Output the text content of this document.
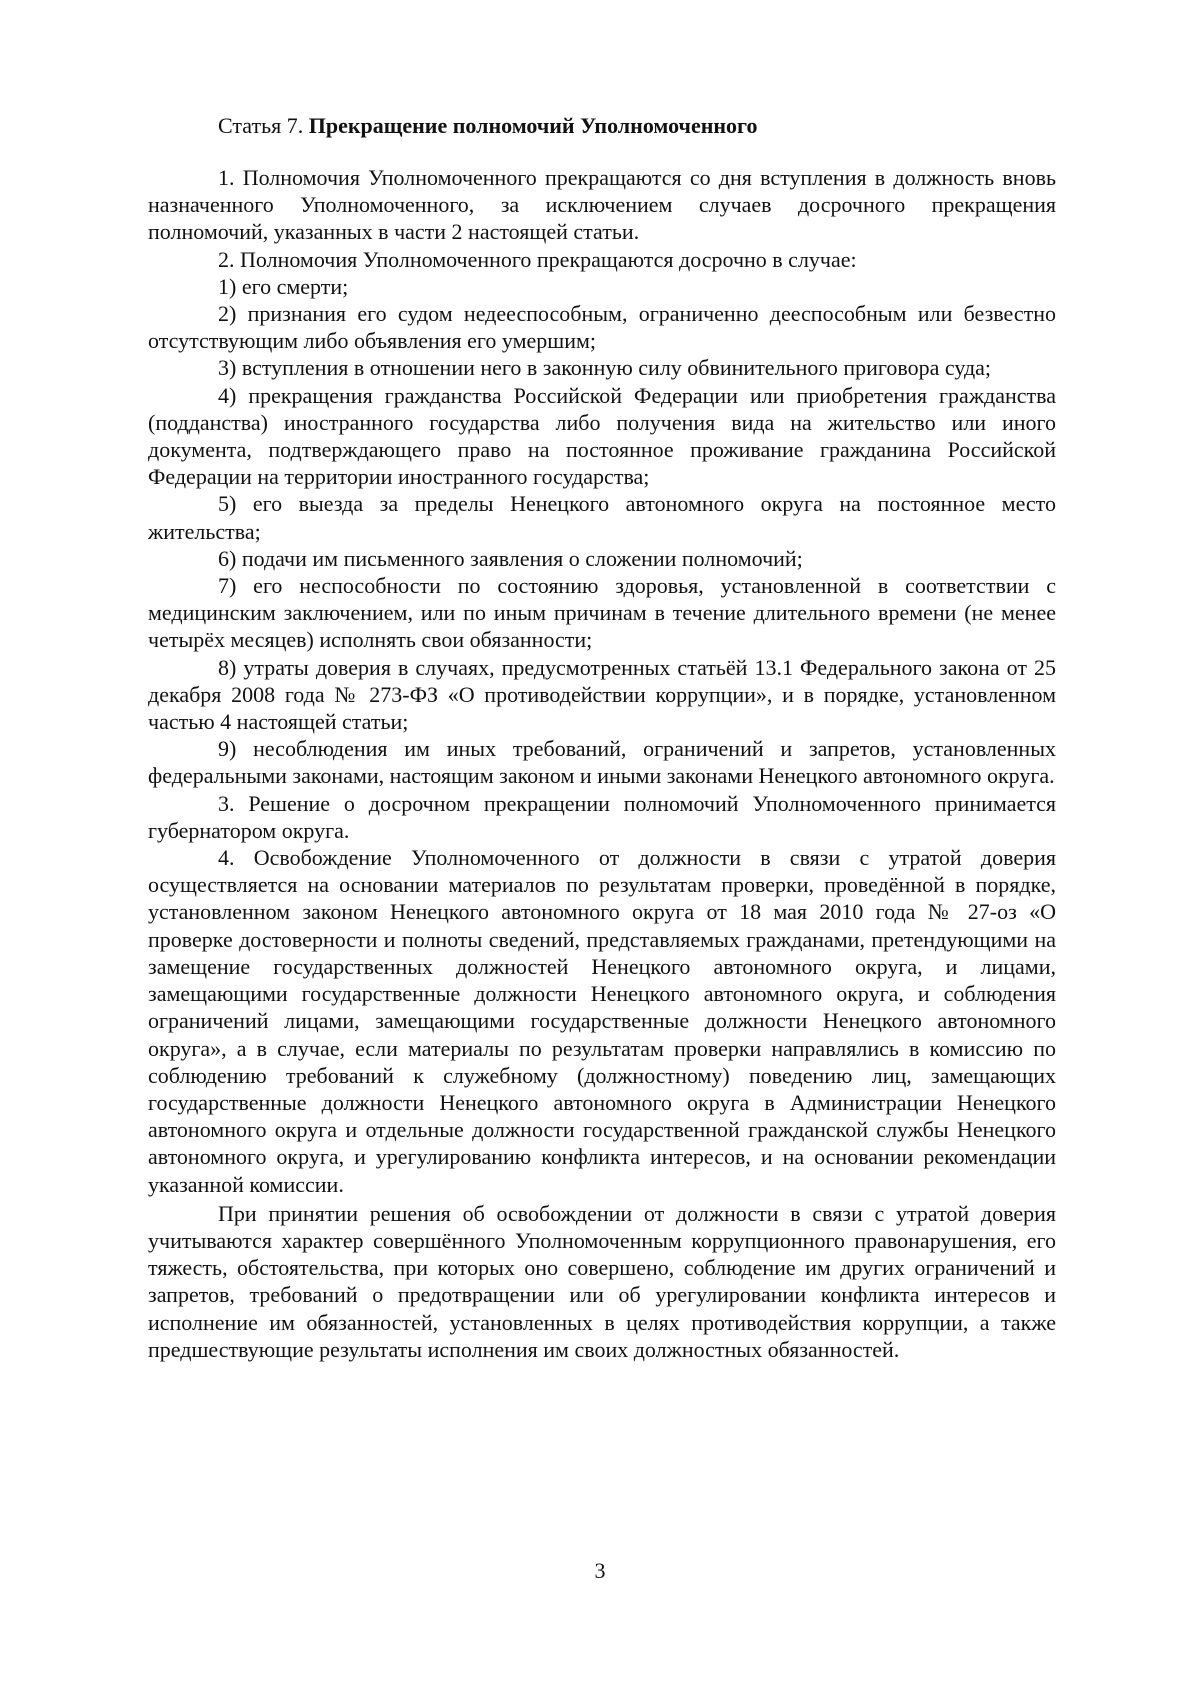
Статья 7. Прекращение полномочий Уполномоченного

1. Полномочия Уполномоченного прекращаются со дня вступления в должность вновь назначенного Уполномоченного, за исключением случаев досрочного прекращения полномочий, указанных в части 2 настоящей статьи.

2. Полномочия Уполномоченного прекращаются досрочно в случае:

1) его смерти;

2) признания его судом недееспособным, ограниченно дееспособным или безвестно отсутствующим либо объявления его умершим;

3) вступления в отношении него в законную силу обвинительного приговора суда;

4) прекращения гражданства Российской Федерации или приобретения гражданства (подданства) иностранного государства либо получения вида на жительство или иного документа, подтверждающего право на постоянное проживание гражданина Российской Федерации на территории иностранного государства;

5) его выезда за пределы Ненецкого автономного округа на постоянное место жительства;

6) подачи им письменного заявления о сложении полномочий;

7) его неспособности по состоянию здоровья, установленной в соответствии с медицинским заключением, или по иным причинам в течение длительного времени (не менее четырёх месяцев) исполнять свои обязанности;

8) утраты доверия в случаях, предусмотренных статьёй 13.1 Федерального закона от 25 декабря 2008 года № 273-ФЗ «О противодействии коррупции», и в порядке, установленном частью 4 настоящей статьи;

9) несоблюдения им иных требований, ограничений и запретов, установленных федеральными законами, настоящим законом и иными законами Ненецкого автономного округа.

3. Решение о досрочном прекращении полномочий Уполномоченного принимается губернатором округа.

4. Освобождение Уполномоченного от должности в связи с утратой доверия осуществляется на основании материалов по результатам проверки, проведённой в порядке, установленном законом Ненецкого автономного округа от 18 мая 2010 года № 27-оз «О проверке достоверности и полноты сведений, представляемых гражданами, претендующими на замещение государственных должностей Ненецкого автономного округа, и лицами, замещающими государственные должности Ненецкого автономного округа, и соблюдения ограничений лицами, замещающими государственные должности Ненецкого автономного округа», а в случае, если материалы по результатам проверки направлялись в комиссию по соблюдению требований к служебному (должностному) поведению лиц, замещающих государственные должности Ненецкого автономного округа в Администрации Ненецкого автономного округа и отдельные должности государственной гражданской службы Ненецкого автономного округа, и урегулированию конфликта интересов, и на основании рекомендации указанной комиссии.

При принятии решения об освобождении от должности в связи с утратой доверия учитываются характер совершённого Уполномоченным коррупционного правонарушения, его тяжесть, обстоятельства, при которых оно совершено, соблюдение им других ограничений и запретов, требований о предотвращении или об урегулировании конфликта интересов и исполнение им обязанностей, установленных в целях противодействия коррупции, а также предшествующие результаты исполнения им своих должностных обязанностей.

3
